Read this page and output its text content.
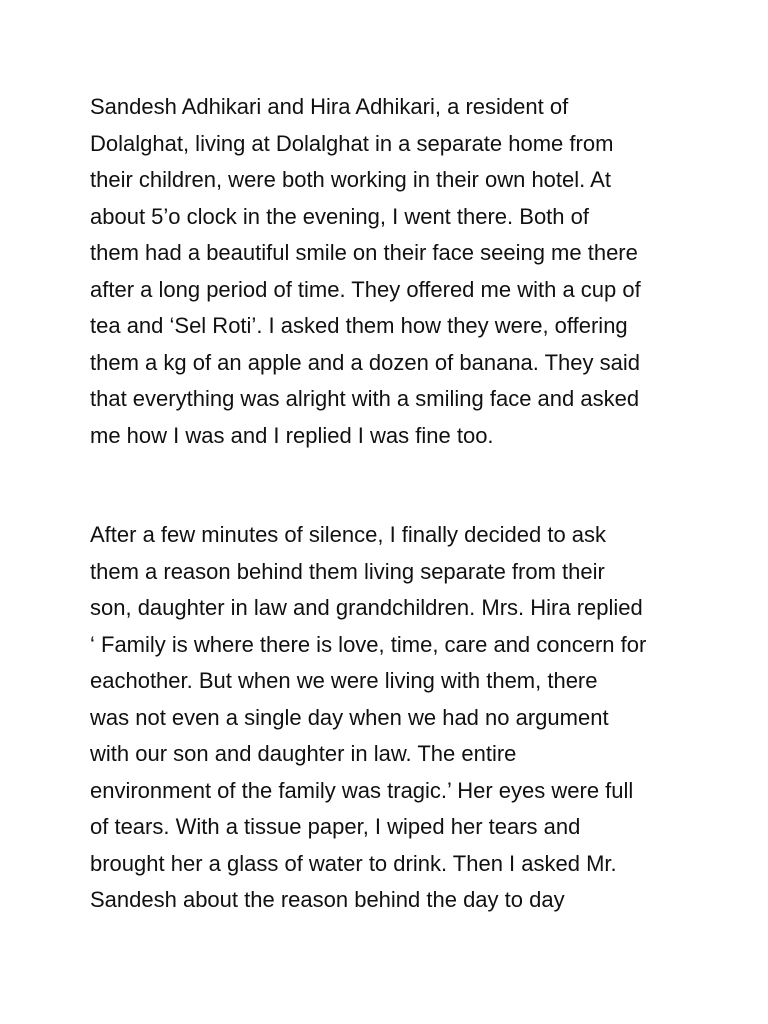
Sandesh Adhikari and Hira Adhikari, a resident of
Dolalghat, living at Dolalghat in a separate home from
their children, were both working in their own hotel. At
about 5’o clock in the evening, I went there. Both of
them had a beautiful smile on their face seeing me there
after a long period of time. They offered me with a cup of
tea and ‘Sel Roti’. I asked them how they were, offering
them a kg of an apple and a dozen of banana. They said
that everything was alright with a smiling face and asked
me how I was and I replied I was fine too.
After a few minutes of silence, I finally decided to ask
them a reason behind them living separate from their
son, daughter in law and grandchildren. Mrs. Hira replied
‘ Family is where there is love, time, care and concern for
eachother. But when we were living with them, there
was not even a single day when we had no argument
with our son and daughter in law. The entire
environment of the family was tragic.’ Her eyes were full
of tears. With a tissue paper, I wiped her tears and
brought her a glass of water to drink. Then I asked Mr.
Sandesh about the reason behind the day to day
